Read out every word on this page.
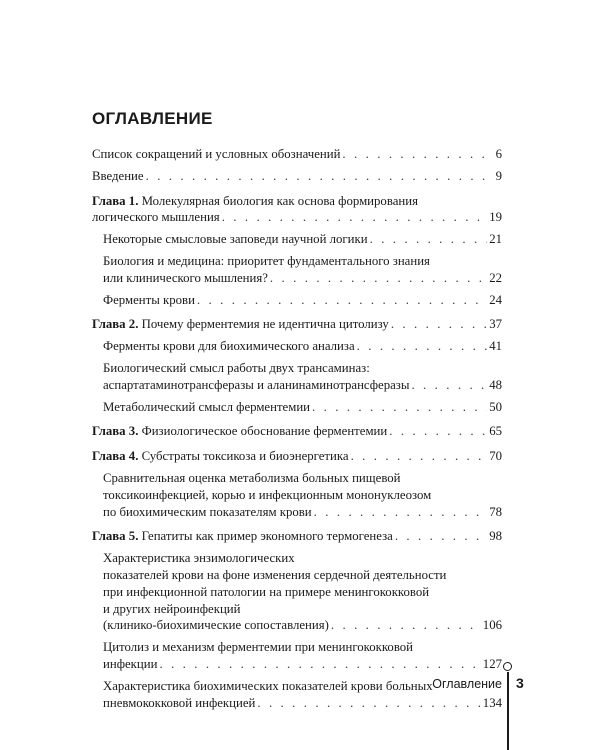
ОГЛАВЛЕНИЕ
Список сокращений и условных обозначений . . .	6
Введение . . .	9
Глава 1. Молекулярная биология как основа формирования
логического мышления . . .	19
Некоторые смысловые заповеди научной логики . . .	21
Биология и медицина: приоритет фундаментального знания
или клинического мышления? . . .	22
Ферменты крови . . .	24
Глава 2. Почему ферментемия не идентична цитолизу . . .	37
Ферменты крови для биохимического анализа . . .	41
Биологический смысл работы двух трансаминаз:
аспартатаминотрансферазы и аланинаминотрансферазы . . .	48
Метаболический смысл ферментемии . . .	50
Глава 3. Физиологическое обоснование ферментемии . . .	65
Глава 4. Субстраты токсикоза и биоэнергетика . . .	70
Сравнительная оценка метаболизма больных пищевой
токсикоинфекцией, корью и инфекционным мононуклеозом
по биохимическим показателям крови . . .	78
Глава 5. Гепатиты как пример экономного термогенеза . . .	98
Характеристика энзимологических
показателей крови на фоне изменения сердечной деятельности
при инфекционной патологии на примере менингококковой
и других нейроинфекций
(клинико-биохимические сопоставления) . . .	106
Цитолиз и механизм ферментемии при менингококковой
инфекции . . .	127
Характеристика биохимических показателей крови больных
пневмококковой инфекцией . . .	134
Оглавление 3
